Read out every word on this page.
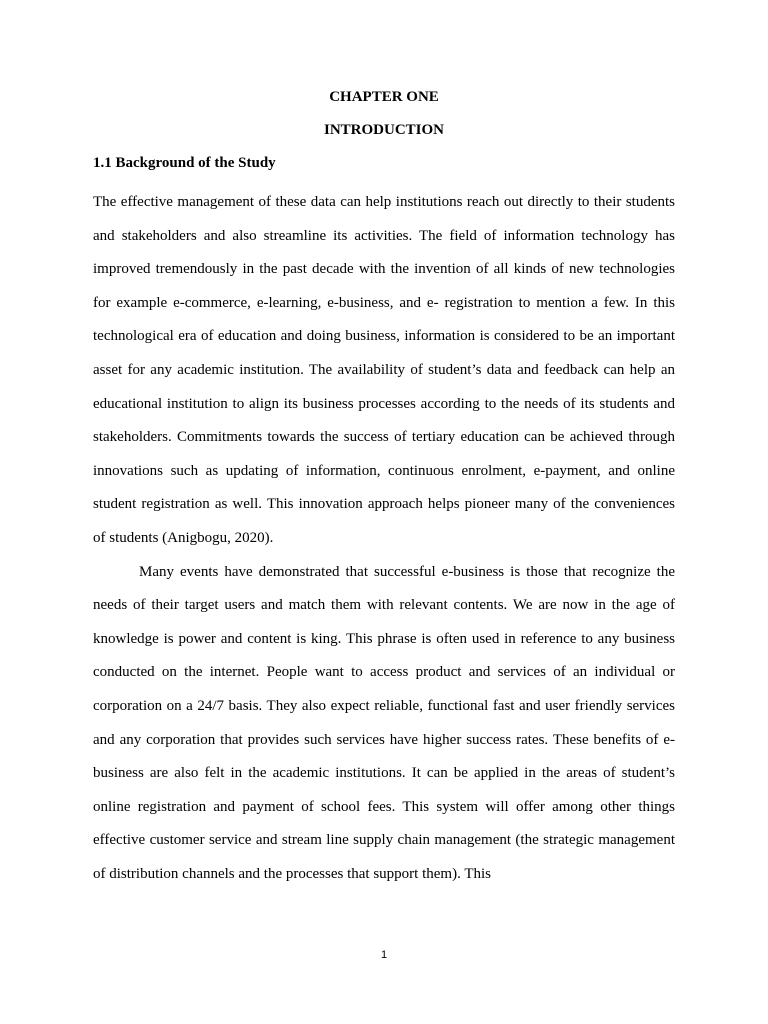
CHAPTER ONE
INTRODUCTION
1.1 Background of the Study

The effective management of these data can help institutions reach out directly to their students and stakeholders and also streamline its activities. The field of information technology has improved tremendously in the past decade with the invention of all kinds of new technologies for example e-commerce, e-learning, e-business, and e- registration to mention a few. In this technological era of education and doing business, information is considered to be an important asset for any academic institution. The availability of student’s data and feedback can help an educational institution to align its business processes according to the needs of its students and stakeholders. Commitments towards the success of tertiary education can be achieved through innovations such as updating of information, continuous enrolment, e-payment, and online student registration as well. This innovation approach helps pioneer many of the conveniences of students (Anigbogu, 2020).

Many events have demonstrated that successful e-business is those that recognize the needs of their target users and match them with relevant contents. We are now in the age of knowledge is power and content is king. This phrase is often used in reference to any business conducted on the internet. People want to access product and services of an individual or corporation on a 24/7 basis. They also expect reliable, functional fast and user friendly services and any corporation that provides such services have higher success rates. These benefits of e-business are also felt in the academic institutions. It can be applied in the areas of student’s online registration and payment of school fees. This system will offer among other things effective customer service and stream line supply chain management (the strategic management of distribution channels and the processes that support them). This

1
